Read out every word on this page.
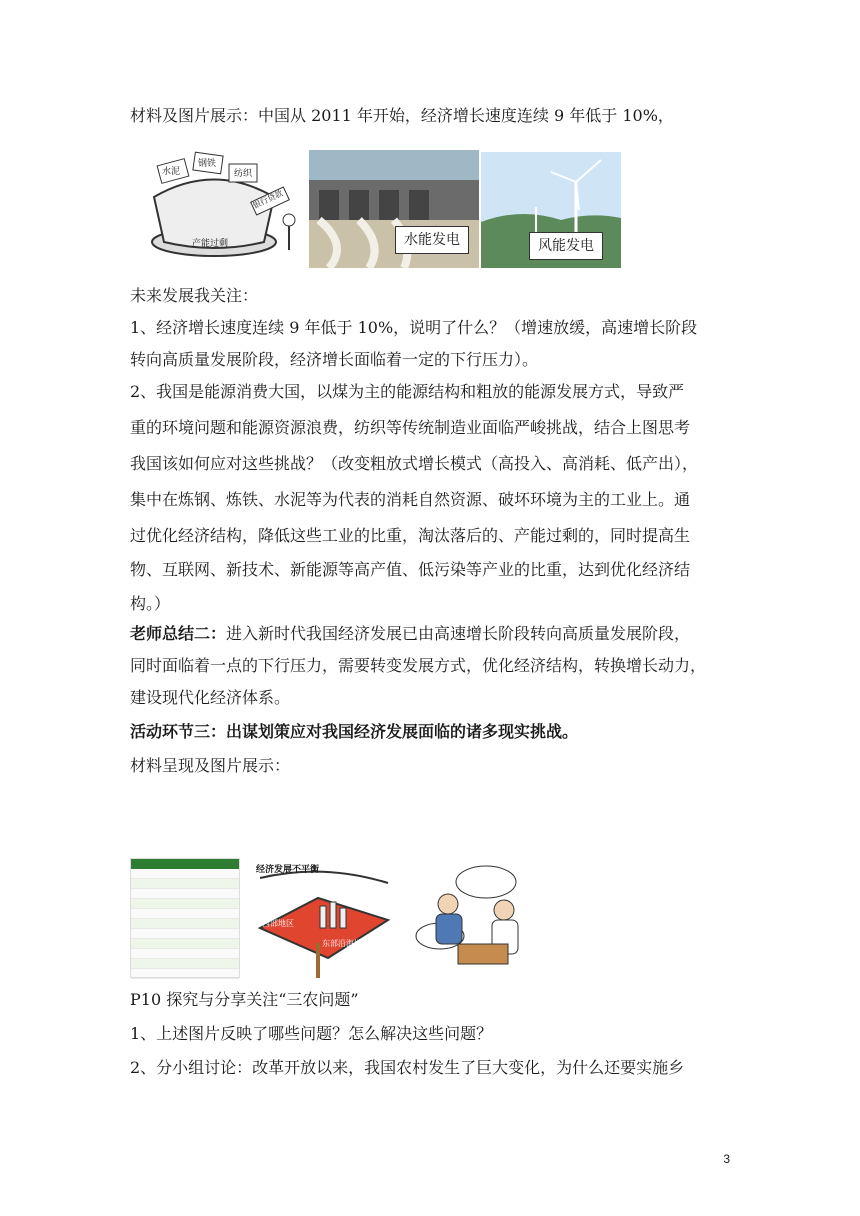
材料及图片展示：中国从 2011 年开始，经济增长速度连续 9 年低于 10%，
水泥
钢铁
纺织
银行贷款
产能过剩	水能发电	风能发电
未来发展我关注：
1、经济增长速度连续 9 年低于 10%，说明了什么？（增速放缓，高速增长阶段
转向高质量发展阶段，经济增长面临着一定的下行压力）。
2、我国是能源消费大国，以煤为主的能源结构和粗放的能源发展方式，导致严
重的环境问题和能源资源浪费，纺织等传统制造业面临严峻挑战，结合上图思考
我国该如何应对这些挑战？（改变粗放式增长模式（高投入、高消耗、低产出），
集中在炼钢、炼铁、水泥等为代表的消耗自然资源、破坏环境为主的工业上。通
过优化经济结构，降低这些工业的比重，淘汰落后的、产能过剩的，同时提高生
物、互联网、新技术、新能源等高产值、低污染等产业的比重，达到优化经济结
构。）
老师总结二：进入新时代我国经济发展已由高速增长阶段转向高质量发展阶段，
同时面临着一点的下行压力，需要转变发展方式，优化经济结构，转换增长动力，
建设现代化经济体系。
活动环节三：出谋划策应对我国经济发展面临的诸多现实挑战。
材料呈现及图片展示：
经济发展不平衡
西部地区
东部沿海地区
P10 探究与分享关注“三农问题”
1、上述图片反映了哪些问题？怎么解决这些问题？
2、分小组讨论：改革开放以来，我国农村发生了巨大变化，为什么还要实施乡
3
